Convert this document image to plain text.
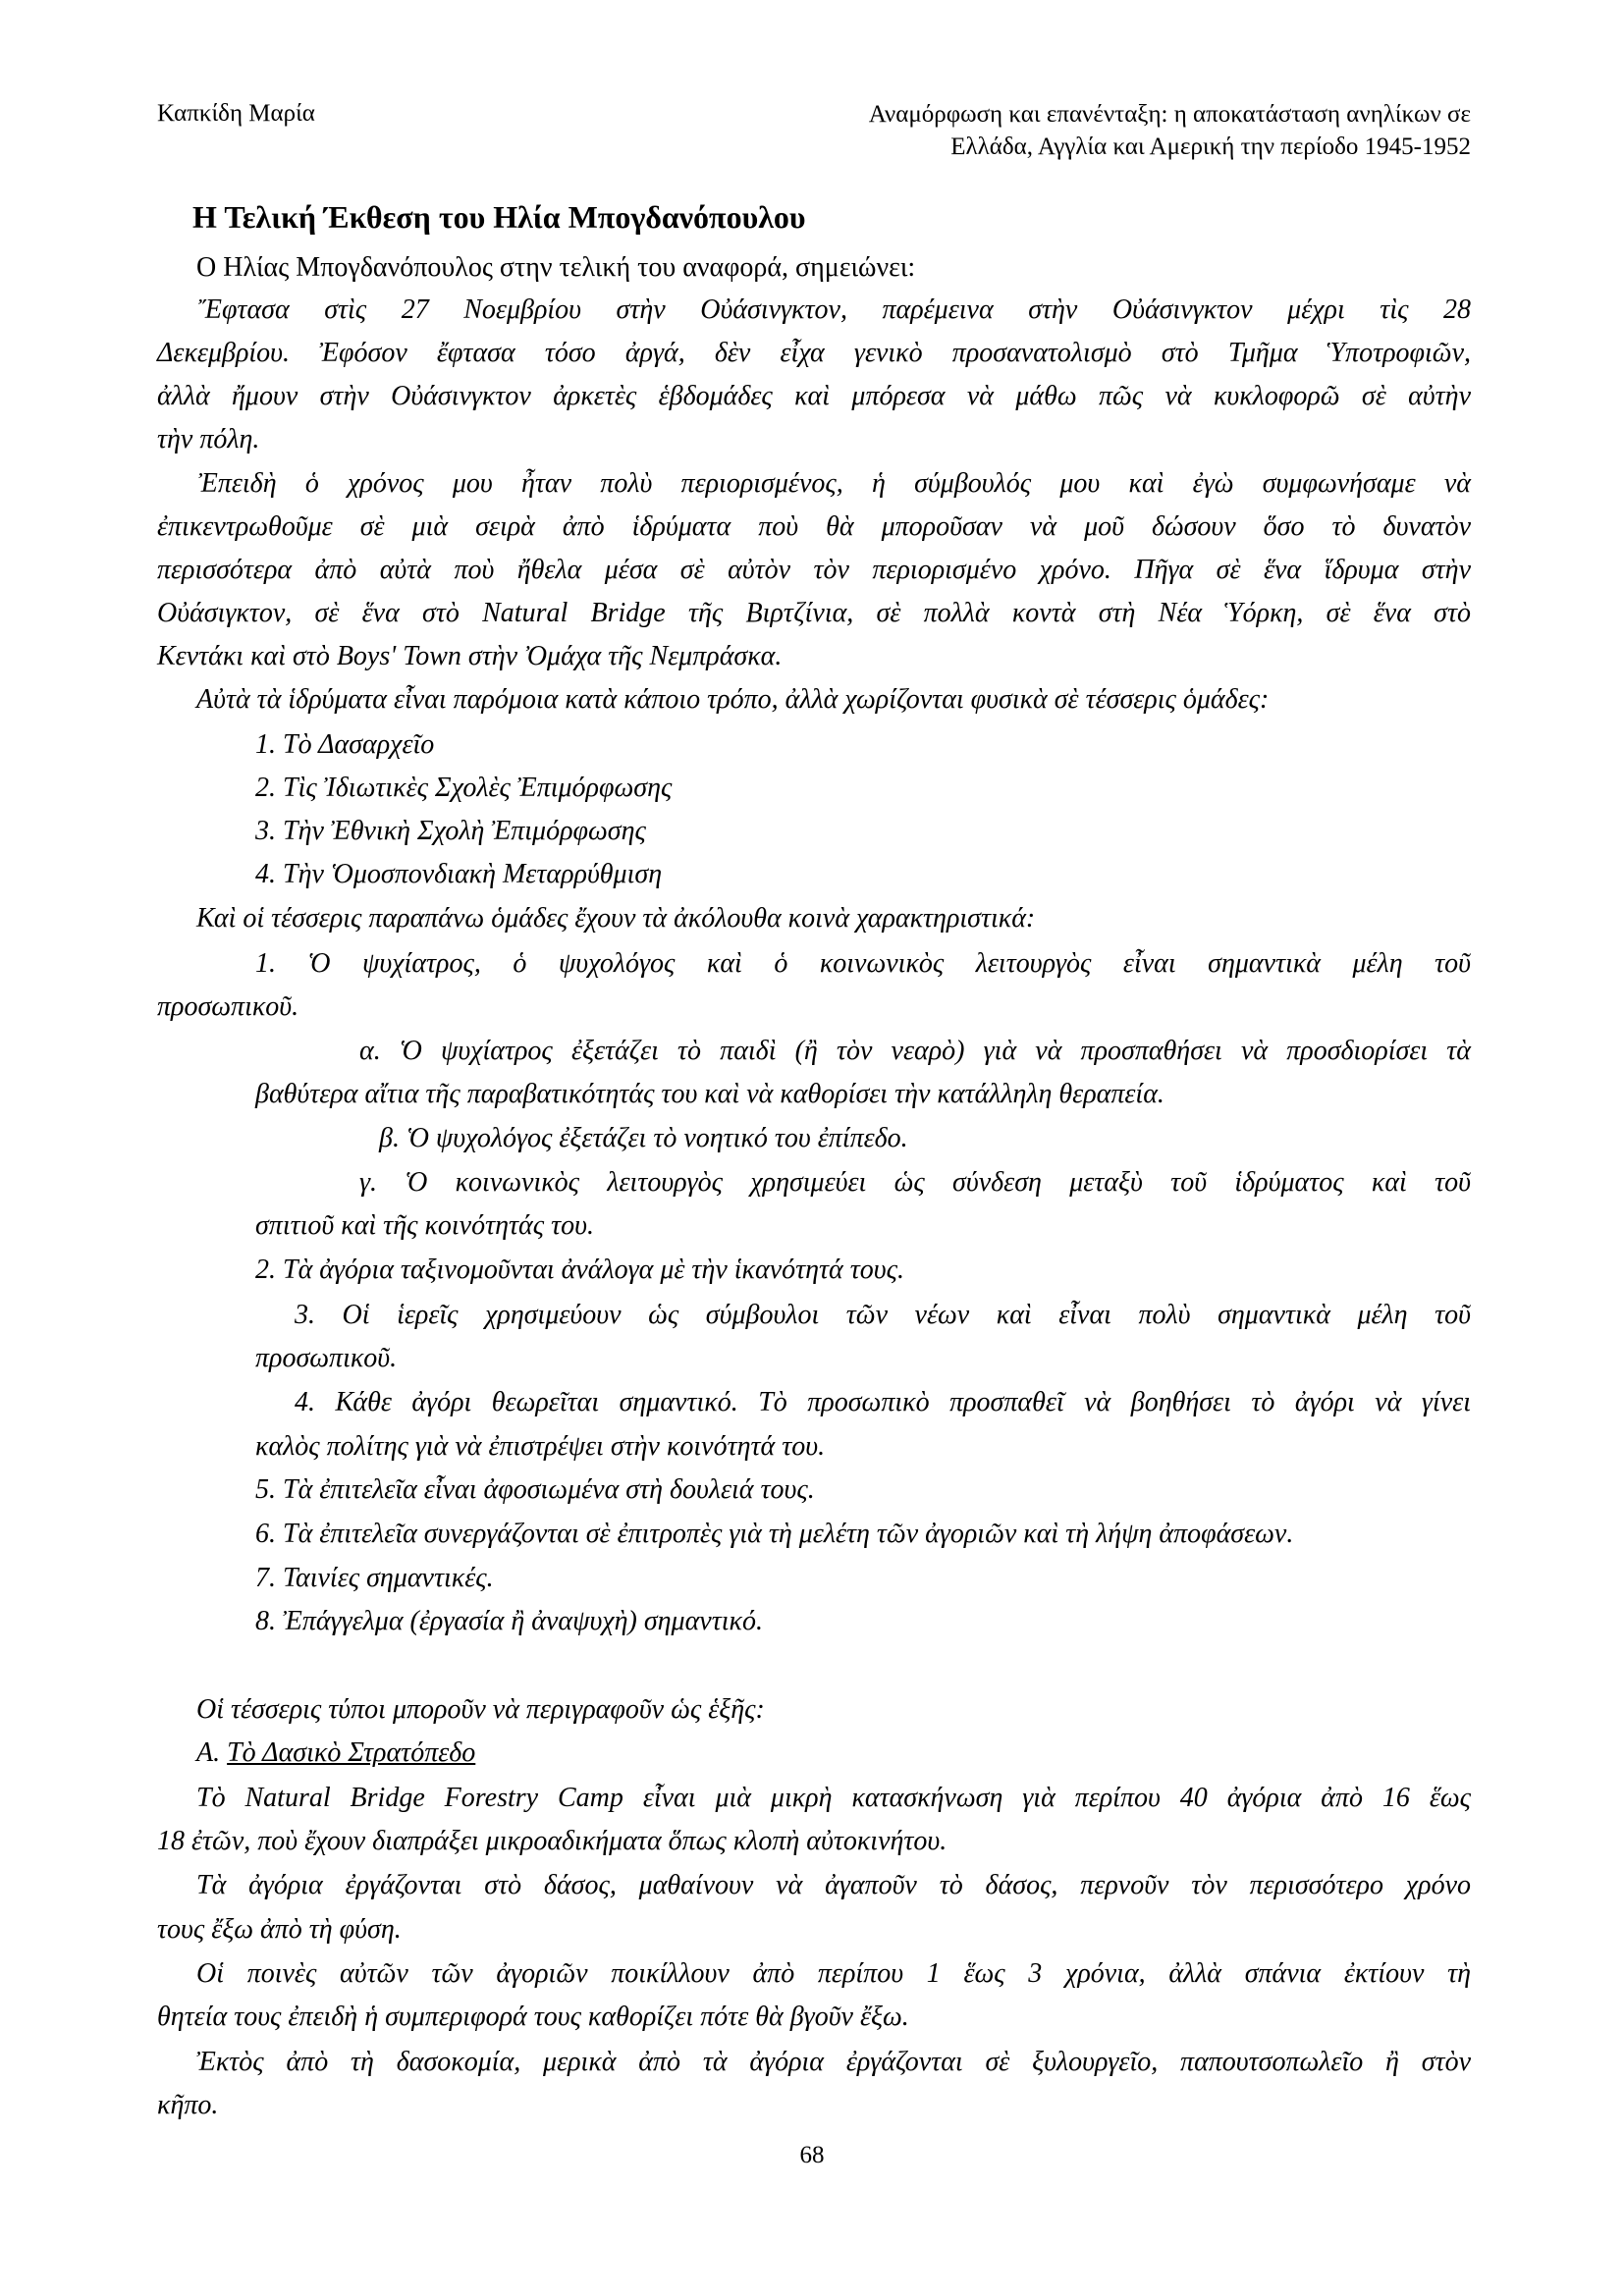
Καπκίδη Μαρία	Αναμόρφωση και επανένταξη: η αποκατάσταση ανηλίκων σε
Ελλάδα, Αγγλία και Αμερική την περίοδο 1945-1952
Η Τελική Έκθεση του Ηλία Μπογδανόπουλου
Ο Ηλίας Μπογδανόπουλος στην τελική του αναφορά, σημειώνει:
Ἔφτασα στὶς 27 Νοεμβρίου στὴν Οὐάσινγκτον, παρέμεινα στὴν Οὐάσινγκτον μέχρι τὶς 28
Δεκεμβρίου. Ἐφόσον ἔφτασα τόσο ἀργά, δὲν εἶχα γενικὸ προσανατολισμὸ στὸ Τμῆμα Ὑποτροφιῶν,
ἀλλὰ ἤμουν στὴν Οὐάσινγκτον ἀρκετὲς ἑβδομάδες καὶ μπόρεσα νὰ μάθω πῶς νὰ κυκλοφορῶ σὲ αὐτὴν
Ἐπειδὴ ὁ χρόνος μου ἦταν πολὺ περιορισμένος, ἡ σύμβουλός μου καὶ ἐγὼ συμφωνήσαμε νὰ
ἐπικεντρωθοῦμε σὲ μιὰ σειρὰ ἀπὸ ἱδρύματα ποὺ θὰ μποροῦσαν νὰ μοῦ δώσουν ὅσο τὸ δυνατὸν
περισσότερα ἀπὸ αὐτὰ ποὺ ἤθελα μέσα σὲ αὐτὸν τὸν περιορισμένο χρόνο. Πῆγα σὲ ἕνα ἵδρυμα στὴν
Οὐάσιγκτον, σὲ ἕνα στὸ Natural Bridge τῆς Βιρτζίνια, σὲ πολλὰ κοντὰ στὴ Νέα Ὑόρκη, σὲ ἕνα στὸ
1. Ὁ ψυχίατρος, ὁ ψυχολόγος καὶ ὁ κοινωνικὸς λειτουργὸς εἶναι σημαντικὰ μέλη τοῦ
α. Ὁ ψυχίατρος ἐξετάζει τὸ παιδὶ (ἢ τὸν νεαρὸ) γιὰ νὰ προσπαθήσει νὰ προσδιορίσει τὰ
γ. Ὁ κοινωνικὸς λειτουργὸς χρησιμεύει ὡς σύνδεση μεταξὺ τοῦ ἱδρύματος καὶ τοῦ
3. Οἱ ἱερεῖς χρησιμεύουν ὡς σύμβουλοι τῶν νέων καὶ εἶναι πολὺ σημαντικὰ μέλη τοῦ
4. Κάθε ἀγόρι θεωρεῖται σημαντικό. Τὸ προσωπικὸ προσπαθεῖ νὰ βοηθήσει τὸ ἀγόρι νὰ γίνει
Τὸ Natural Bridge Forestry Camp εἶναι μιὰ μικρὴ κατασκήνωση γιὰ περίπου 40 ἀγόρια ἀπὸ 16 ἕως
Τὰ ἀγόρια ἐργάζονται στὸ δάσος, μαθαίνουν νὰ ἀγαποῦν τὸ δάσος, περνοῦν τὸν περισσότερο χρόνο
Οἱ ποινὲς αὐτῶν τῶν ἀγοριῶν ποικίλλουν ἀπὸ περίπου 1 ἕως 3 χρόνια, ἀλλὰ σπάνια ἐκτίουν τὴ
Ἐκτὸς ἀπὸ τὴ δασοκομία, μερικὰ ἀπὸ τὰ ἀγόρια ἐργάζονται σὲ ξυλουργεῖο, παπουτσοπωλεῖο ἢ στὸν
τὴν πόλη.
Κεντάκι καὶ στὸ Boys' Town στὴν Ὀμάχα τῆς Νεμπράσκα.
Αὐτὰ τὰ ἱδρύματα εἶναι παρόμοια κατὰ κάποιο τρόπο, ἀλλὰ χωρίζονται φυσικὰ σὲ τέσσερις ὁμάδες:
1. Τὸ Δασαρχεῖο
2. Τὶς Ἰδιωτικὲς Σχολὲς Ἐπιμόρφωσης
3. Τὴν Ἐθνικὴ Σχολὴ Ἐπιμόρφωσης
4. Τὴν Ὁμοσπονδιακὴ Μεταρρύθμιση
Καὶ οἱ τέσσερις παραπάνω ὁμάδες ἔχουν τὰ ἀκόλουθα κοινὰ χαρακτηριστικά:
προσωπικοῦ.
βαθύτερα αἴτια τῆς παραβατικότητάς του καὶ νὰ καθορίσει τὴν κατάλληλη θεραπεία.
β. Ὁ ψυχολόγος ἐξετάζει τὸ νοητικό του ἐπίπεδο.
σπιτιοῦ καὶ τῆς κοινότητάς του.
2. Τὰ ἀγόρια ταξινομοῦνται ἀνάλογα μὲ τὴν ἱκανότητά τους.
προσωπικοῦ.
καλὸς πολίτης γιὰ νὰ ἐπιστρέψει στὴν κοινότητά του.
5. Τὰ ἐπιτελεῖα εἶναι ἀφοσιωμένα στὴ δουλειά τους.
6. Τὰ ἐπιτελεῖα συνεργάζονται σὲ ἐπιτροπὲς γιὰ τὴ μελέτη τῶν ἀγοριῶν καὶ τὴ λήψη ἀποφάσεων.
7. Ταινίες σημαντικές.
8. Ἐπάγγελμα (ἐργασία ἢ ἀναψυχὴ) σημαντικό.
Οἱ τέσσερις τύποι μποροῦν νὰ περιγραφοῦν ὡς ἑξῆς:
Α. Τὸ Δασικὸ Στρατόπεδο
18 ἐτῶν, ποὺ ἔχουν διαπράξει μικροαδικήματα ὅπως κλοπὴ αὐτοκινήτου.
τους ἔξω ἀπὸ τὴ φύση.
θητεία τους ἐπειδὴ ἡ συμπεριφορά τους καθορίζει πότε θὰ βγοῦν ἔξω.
κῆπο.
68
